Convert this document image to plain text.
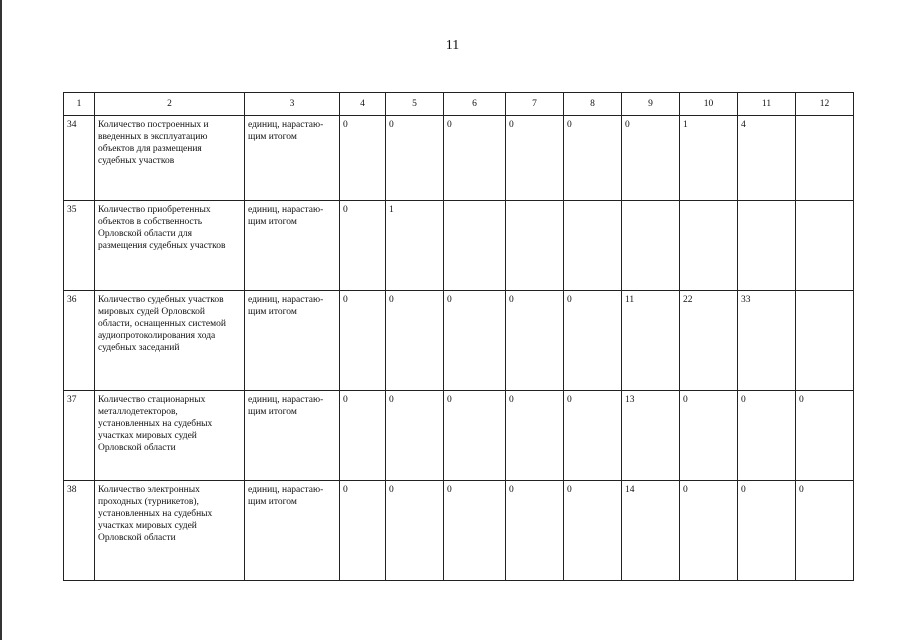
11
1	2	3	4	5	6	7	8	9	10	11	12
34	Количество построенных и введенных в эксплуатацию объектов для размещения судебных участков	единиц, нарастаю-щим итогом	0	0	0	0	0	0	1	4	
35	Количество приобретенных объектов в собственность Орловской области для размещения судебных участков	единиц, нарастаю-щим итогом	0	1							
36	Количество судебных участков мировых судей Орловской области, оснащенных системой аудиопротоколирования хода судебных заседаний	единиц, нарастаю-щим итогом	0	0	0	0	0	11	22	33	
37	Количество стационарных металлодетекторов, установленных на судебных участках мировых судей Орловской области	единиц, нарастаю-щим итогом	0	0	0	0	0	13	0	0	0
38	Количество электронных проходных (турникетов), установленных на судебных участках мировых судей Орловской области	единиц, нарастаю-щим итогом	0	0	0	0	0	14	0	0	0
